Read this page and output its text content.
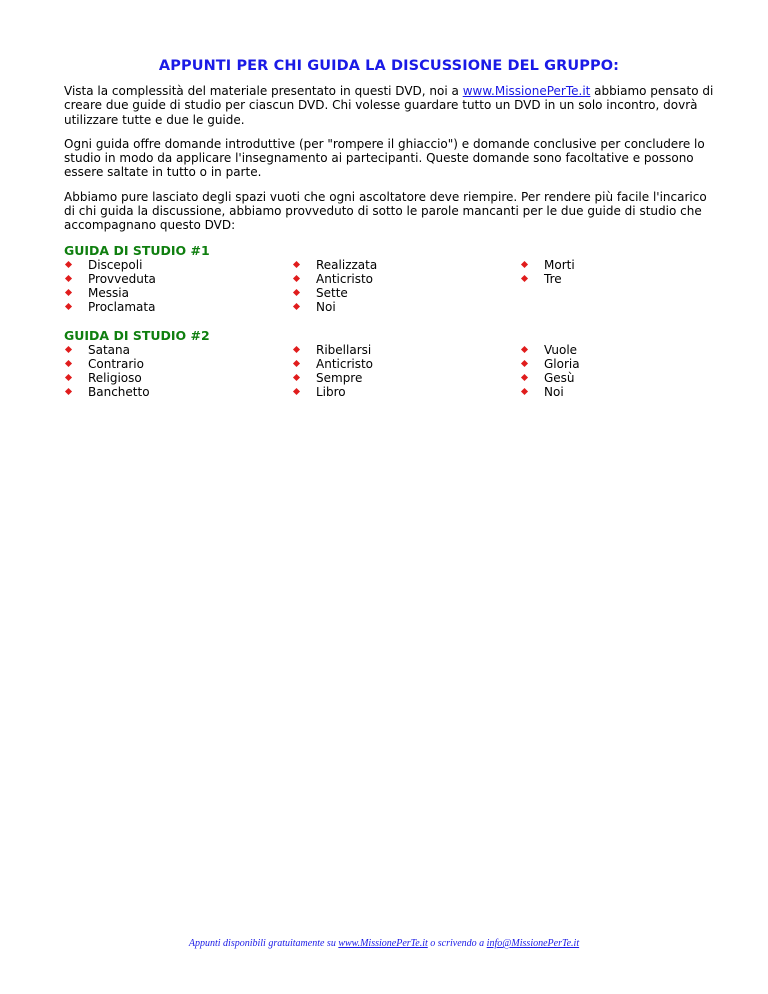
APPUNTI PER CHI GUIDA LA DISCUSSIONE DEL GRUPPO:

Vista la complessità del materiale presentato in questi DVD, noi a www.MissionePerTe.it abbiamo pensato di creare due guide di studio per ciascun DVD. Chi volesse guardare tutto un DVD in un solo incontro, dovrà utilizzare tutte e due le guide.

Ogni guida offre domande introduttive (per "rompere il ghiaccio") e domande conclusive per concludere lo studio in modo da applicare l'insegnamento ai partecipanti. Queste domande sono facoltative e possono essere saltate in tutto o in parte.

Abbiamo pure lasciato degli spazi vuoti che ogni ascoltatore deve riempire. Per rendere più facile l'incarico di chi guida la discussione, abbiamo provveduto di sotto le parole mancanti per le due guide di studio che accompagnano questo DVD:

GUIDA DI STUDIO #1
Discepoli
Provveduta
Messia
Proclamata
Realizzata
Anticristo
Sette
Noi
Morti
Tre
GUIDA DI STUDIO #2
Satana
Contrario
Religioso
Banchetto
Ribellarsi
Anticristo
Sempre
Libro
Vuole
Gloria
Gesù
Noi
Appunti disponibili gratuitamente su www.MissionePerTe.it o scrivendo a info@MissionePerTe.it
